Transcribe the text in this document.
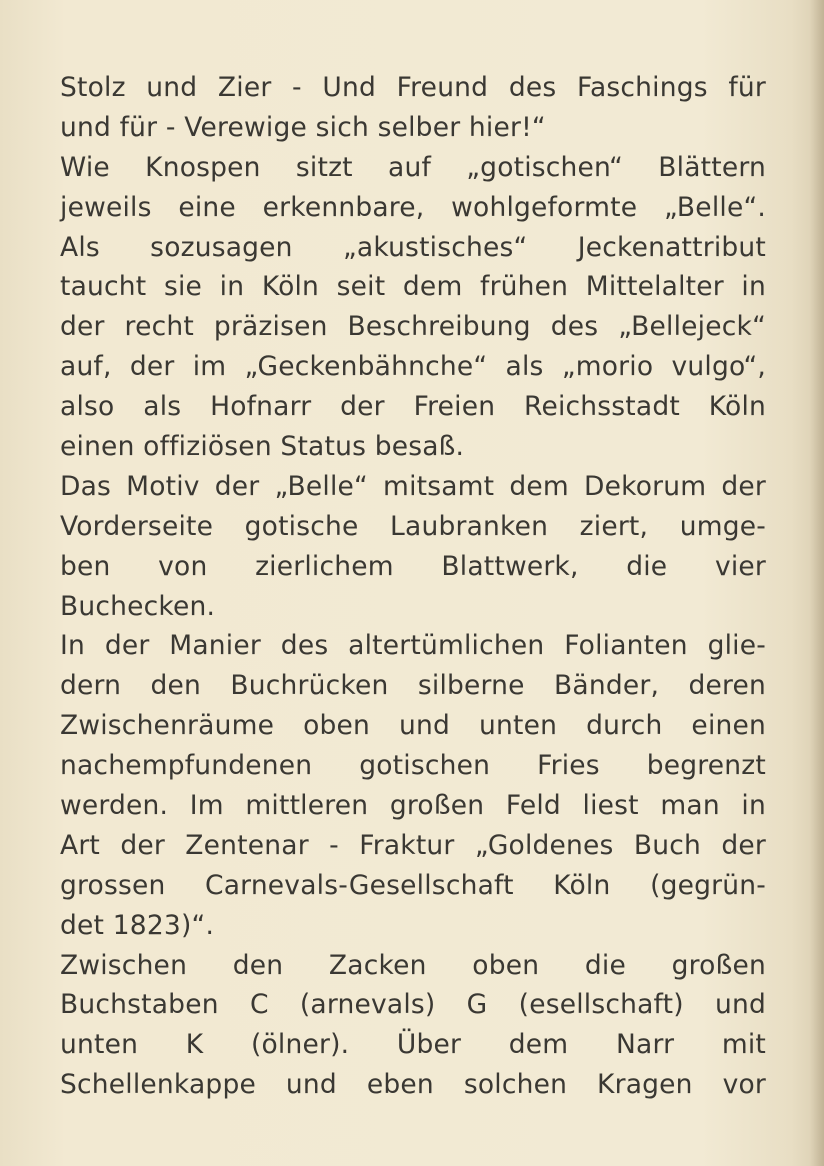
Stolz und Zier - Und Freund des Faschings für
und für - Verewige sich selber hier!“
Wie Knospen sitzt auf „gotischen“ Blättern
jeweils eine erkennbare, wohlgeformte „Belle“.
Als sozusagen „akustisches“ Jeckenattribut
taucht sie in Köln seit dem frühen Mittelalter in
der recht präzisen Beschreibung des „Bellejeck“
auf, der im „Geckenbähnche“ als „morio vulgo“,
also als Hofnarr der Freien Reichsstadt Köln
einen offiziösen Status besaß.
Das Motiv der „Belle“ mitsamt dem Dekorum der
Vorderseite gotische Laubranken ziert, umge-
ben von zierlichem Blattwerk, die vier
Buchecken.
In der Manier des altertümlichen Folianten glie-
dern den Buchrücken silberne Bänder, deren
Zwischenräume oben und unten durch einen
nachempfundenen gotischen Fries begrenzt
werden. Im mittleren großen Feld liest man in
Art der Zentenar - Fraktur „Goldenes Buch der
grossen Carnevals-Gesellschaft Köln (gegrün-
det 1823)“.
Zwischen den Zacken oben die großen
Buchstaben C (arnevals) G (esellschaft) und
unten K (ölner). Über dem Narr mit
Schellenkappe und eben solchen Kragen vor
